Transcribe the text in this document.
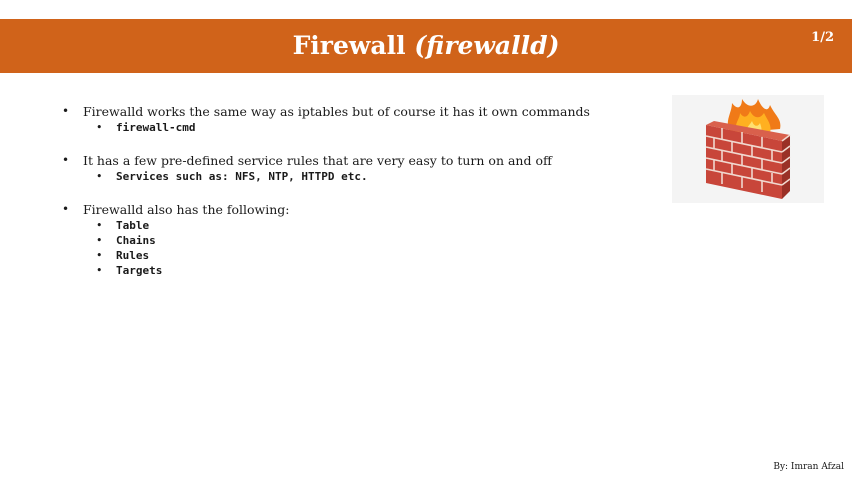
Firewall (firewalld)	1/2
• Firewalld works the same way as iptables but of course it has it own commands
• firewall-cmd
• It has a few pre-defined service rules that are very easy to turn on and off
• Services such as: NFS, NTP, HTTPD etc.
• Firewalld also has the following:
• Table
• Chains
• Rules
• Targets
By: Imran Afzal
